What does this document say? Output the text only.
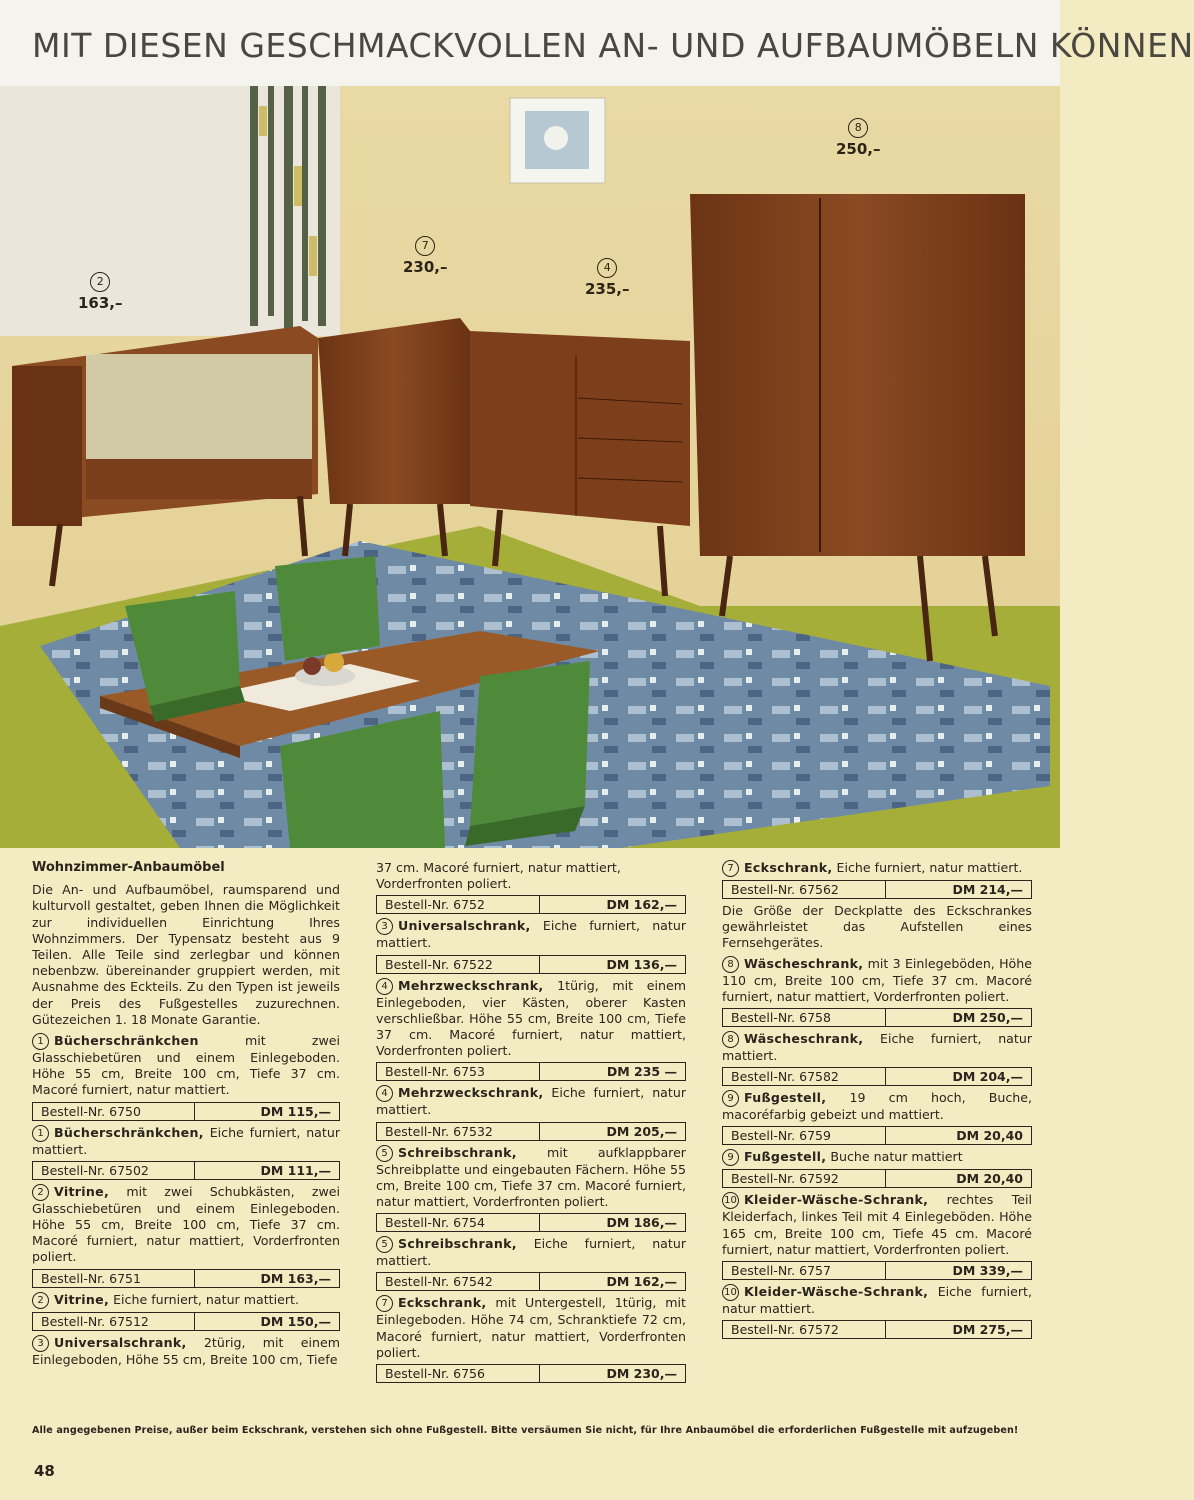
MIT DIESEN GESCHMACKVOLLEN AN- UND AUFBAUMÖBELN KÖNNEN
2
163,–
7
230,–	4
235,–
8
250,–

Wohnzimmer-Anbaumöbel

Die An- und Aufbaumöbel, raumsparend und kulturvoll gestaltet, geben Ihnen die Möglichkeit zur individuellen Einrichtung Ihres Wohnzimmers. Der Typensatz besteht aus 9 Teilen. Alle Teile sind zerlegbar und können nebenbzw. übereinander gruppiert werden, mit Ausnahme des Eckteils. Zu den Typen ist jeweils der Preis des Fußgestelles zuzurechnen. Gütezeichen 1. 18 Monate Garantie.

1 Bücherschränkchen mit zwei Glasschiebetüren und einem Einlegeboden. Höhe 55 cm, Breite 100 cm, Tiefe 37 cm. Macoré furniert, natur mattiert.

Bestell-Nr. 6750	DM 115,—

1 Bücherschränkchen, Eiche furniert, natur mattiert.

Bestell-Nr. 67502	DM 111,—

2 Vitrine, mit zwei Schubkästen, zwei Glasschiebetüren und einem Einlegeboden. Höhe 55 cm, Breite 100 cm, Tiefe 37 cm. Macoré furniert, natur mattiert, Vorderfronten poliert.

Bestell-Nr. 6751	DM 163,—

2 Vitrine, Eiche furniert, natur mattiert.

Bestell-Nr. 67512	DM 150,—

3 Universalschrank, 2türig, mit einem Einlegeboden, Höhe 55 cm, Breite 100 cm, Tiefe

37 cm. Macoré furniert, natur mattiert, Vorderfronten poliert.

Bestell-Nr. 6752	DM 162,—

3 Universalschrank, Eiche furniert, natur mattiert.

Bestell-Nr. 67522	DM 136,—

4 Mehrzweckschrank, 1türig, mit einem Einlegeboden, vier Kästen, oberer Kasten verschließbar. Höhe 55 cm, Breite 100 cm, Tiefe 37 cm. Macoré furniert, natur mattiert, Vorderfronten poliert.

Bestell-Nr. 6753	DM 235 —

4 Mehrzweckschrank, Eiche furniert, natur mattiert.

Bestell-Nr. 67532	DM 205,—

5 Schreibschrank, mit aufklappbarer Schreibplatte und eingebauten Fächern. Höhe 55 cm, Breite 100 cm, Tiefe 37 cm. Macoré furniert, natur mattiert, Vorderfronten poliert.

Bestell-Nr. 6754	DM 186,—

5 Schreibschrank, Eiche furniert, natur mattiert.

Bestell-Nr. 67542	DM 162,—

7 Eckschrank, mit Untergestell, 1türig, mit Einlegeboden. Höhe 74 cm, Schranktiefe 72 cm, Macoré furniert, natur mattiert, Vorderfronten poliert.

Bestell-Nr. 6756	DM 230,—

7 Eckschrank, Eiche furniert, natur mattiert.

Bestell-Nr. 67562	DM 214,—

Die Größe der Deckplatte des Eckschrankes gewährleistet das Aufstellen eines Fernsehgerätes.

8 Wäscheschrank, mit 3 Einlegeböden, Höhe 110 cm, Breite 100 cm, Tiefe 37 cm. Macoré furniert, natur mattiert, Vorderfronten poliert.

Bestell-Nr. 6758	DM 250,—

8 Wäscheschrank, Eiche furniert, natur mattiert.

Bestell-Nr. 67582	DM 204,—

9 Fußgestell, 19 cm hoch, Buche, macoréfarbig gebeizt und mattiert.

Bestell-Nr. 6759	DM 20,40

9 Fußgestell, Buche natur mattiert

Bestell-Nr. 67592	DM 20,40

10 Kleider-Wäsche-Schrank, rechtes Teil Kleiderfach, linkes Teil mit 4 Einlegeböden. Höhe 165 cm, Breite 100 cm, Tiefe 45 cm. Macoré furniert, natur mattiert, Vorderfronten poliert.

Bestell-Nr. 6757	DM 339,—

10 Kleider-Wäsche-Schrank, Eiche furniert, natur mattiert.

Bestell-Nr. 67572	DM 275,—
Alle angegebenen Preise, außer beim Eckschrank, verstehen sich ohne Fußgestell. Bitte versäumen Sie nicht, für Ihre Anbaumöbel die erforderlichen Fußgestelle mit aufzugeben!
48
